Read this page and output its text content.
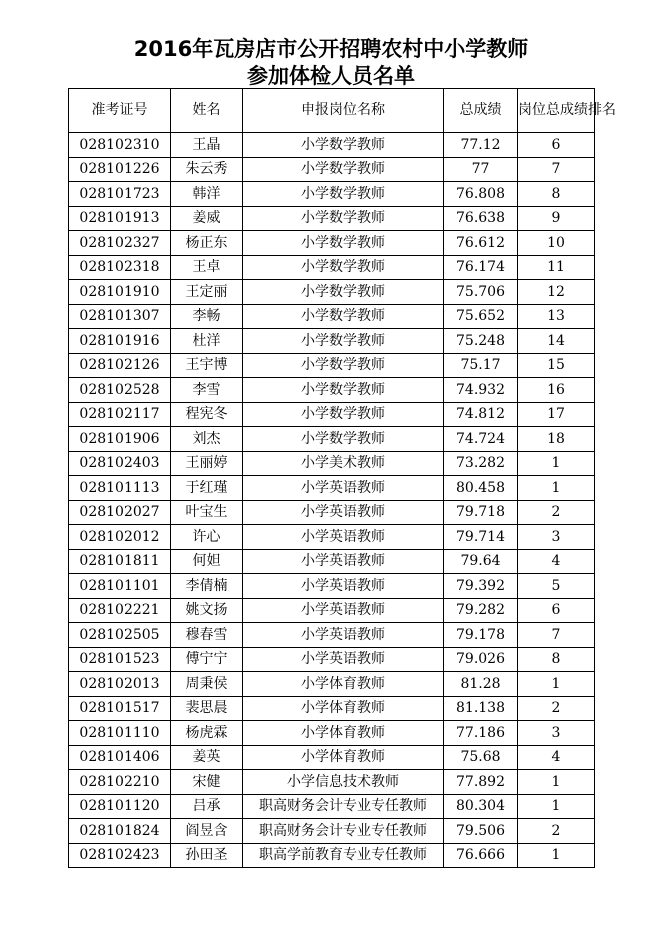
2016年瓦房店市公开招聘农村中小学教师
参加体检人员名单
准考证号	姓名	申报岗位名称	总成绩	岗位总成绩排名
028102310	王晶	小学数学教师	77.12	6
028101226	朱云秀	小学数学教师	77	7
028101723	韩洋	小学数学教师	76.808	8
028101913	姜威	小学数学教师	76.638	9
028102327	杨正东	小学数学教师	76.612	10
028102318	王卓	小学数学教师	76.174	11
028101910	王定丽	小学数学教师	75.706	12
028101307	李畅	小学数学教师	75.652	13
028101916	杜洋	小学数学教师	75.248	14
028102126	王宇博	小学数学教师	75.17	15
028102528	李雪	小学数学教师	74.932	16
028102117	程宪冬	小学数学教师	74.812	17
028101906	刘杰	小学数学教师	74.724	18
028102403	王丽婷	小学美术教师	73.282	1
028101113	于红瑾	小学英语教师	80.458	1
028102027	叶宝生	小学英语教师	79.718	2
028102012	许心	小学英语教师	79.714	3
028101811	何妲	小学英语教师	79.64	4
028101101	李倩楠	小学英语教师	79.392	5
028102221	姚文扬	小学英语教师	79.282	6
028102505	穆春雪	小学英语教师	79.178	7
028101523	傅宁宁	小学英语教师	79.026	8
028102013	周秉侯	小学体育教师	81.28	1
028101517	裴思晨	小学体育教师	81.138	2
028101110	杨虎霖	小学体育教师	77.186	3
028101406	姜英	小学体育教师	75.68	4
028102210	宋健	小学信息技术教师	77.892	1
028101120	吕承	职高财务会计专业专任教师	80.304	1
028101824	阎昱含	职高财务会计专业专任教师	79.506	2
028102423	孙田圣	职高学前教育专业专任教师	76.666	1
